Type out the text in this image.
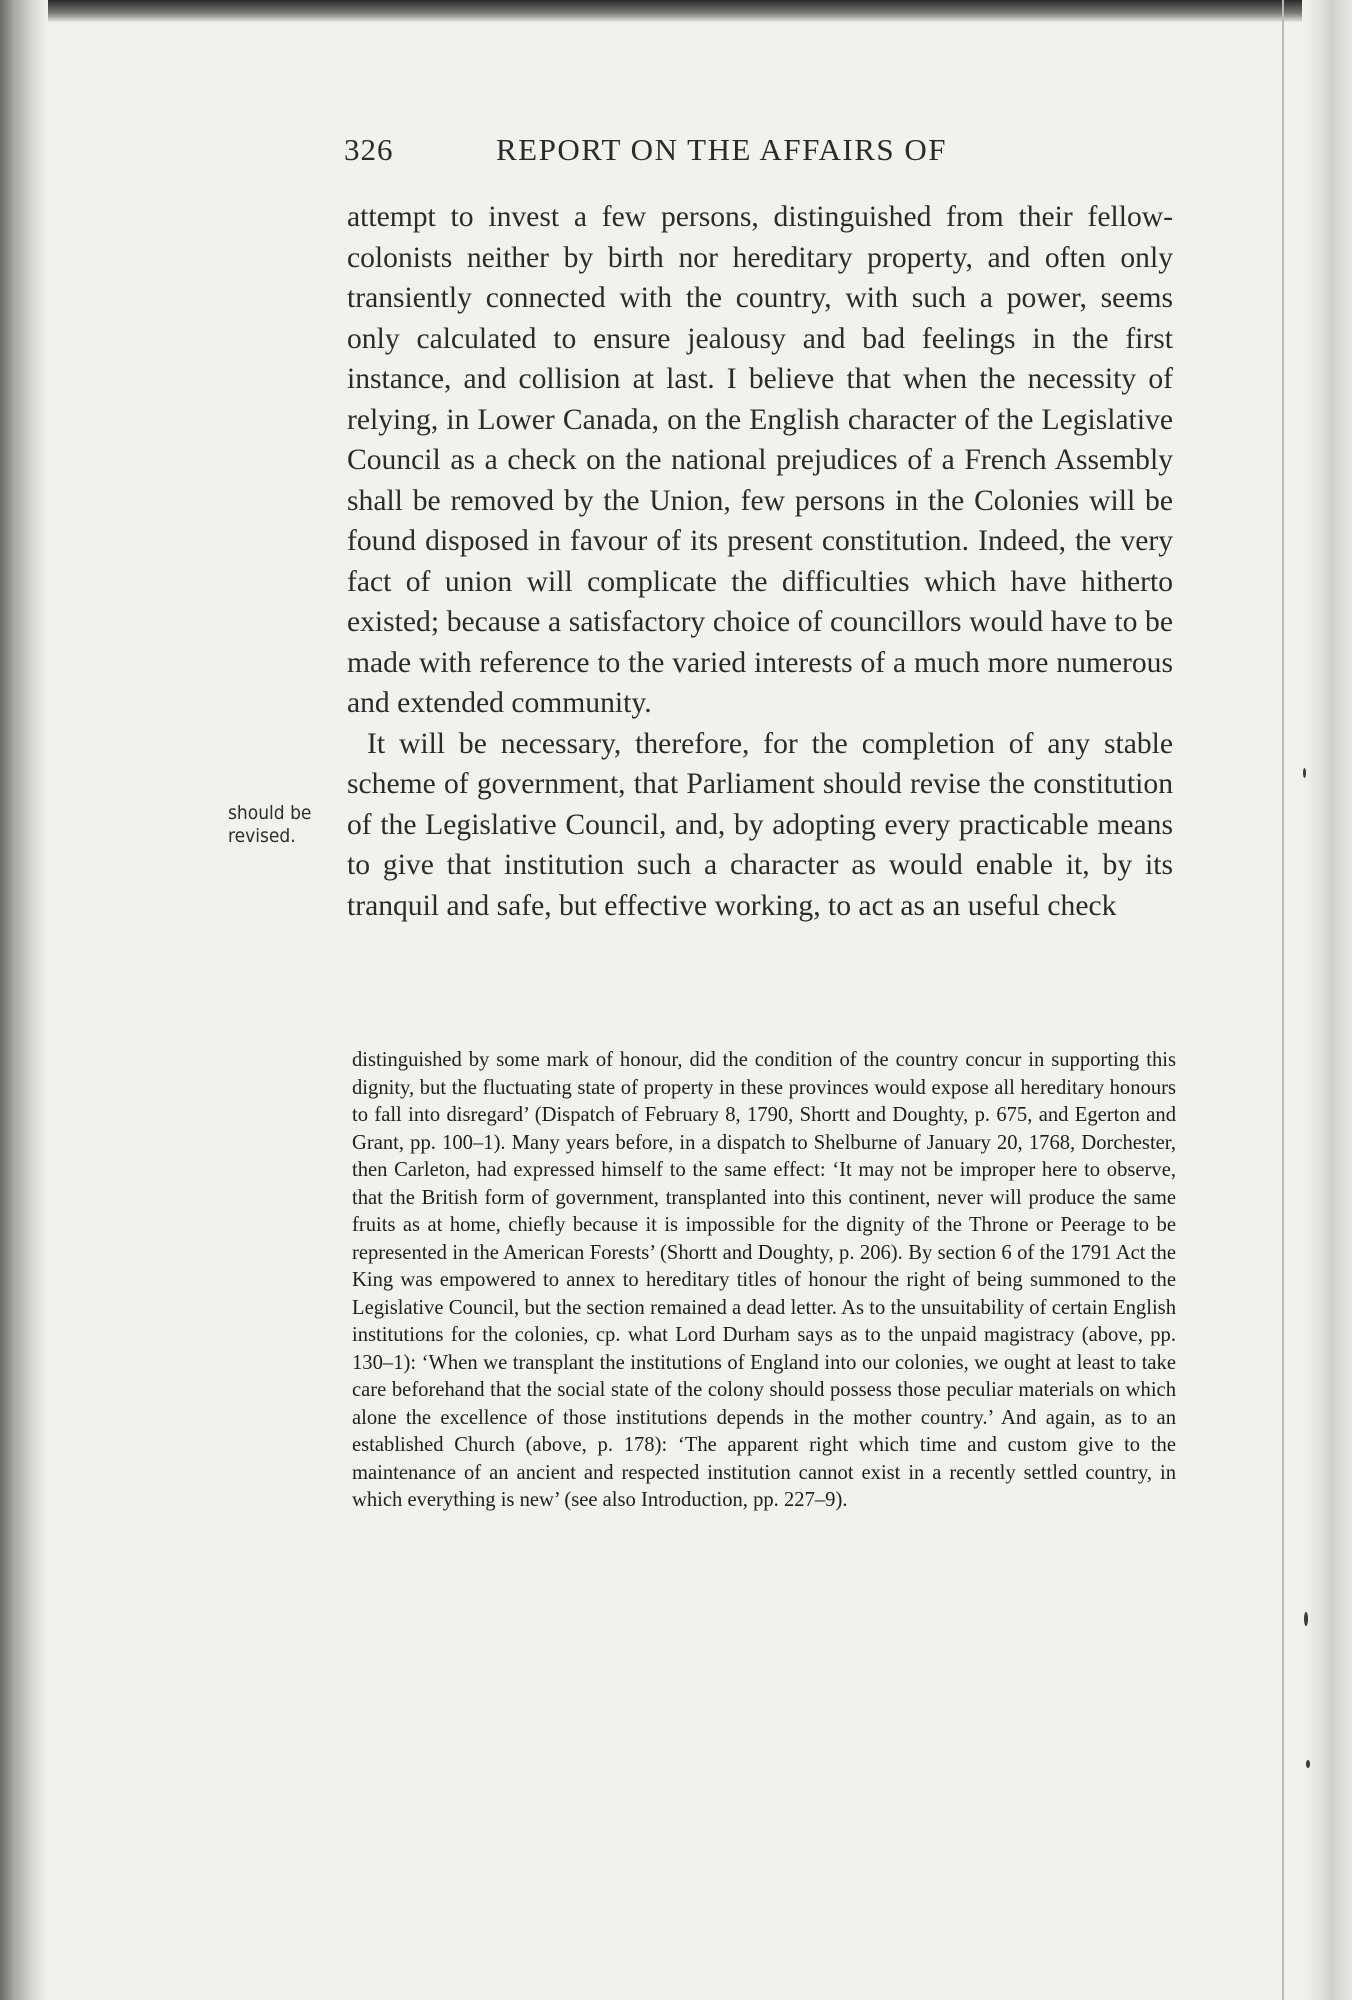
326	REPORT ON THE AFFAIRS OF

attempt to invest a few persons, distinguished from their fellow-colonists neither by birth nor hereditary property, and often only transiently connected with the country, with such a power, seems only calculated to ensure jealousy and bad feelings in the first instance, and collision at last. I believe that when the necessity of relying, in Lower Canada, on the English character of the Legislative Council as a check on the national prejudices of a French Assembly shall be removed by the Union, few persons in the Colonies will be found disposed in favour of its present constitution. Indeed, the very fact of union will complicate the difficulties which have hitherto existed; because a satisfactory choice of councillors would have to be made with reference to the varied interests of a much more numerous and extended community.

It will be necessary, therefore, for the completion of any stable scheme of government, that Parliament should revise the constitution of the Legislative Council, and, by adopting every practicable means to give that institution such a character as would enable it, by its tranquil and safe, but effective working, to act as an useful check

should be
revised.

distinguished by some mark of honour, did the condition of the country concur in supporting this dignity, but the fluctuating state of property in these provinces would expose all hereditary honours to fall into disregard’ (Dispatch of February 8, 1790, Shortt and Doughty, p. 675, and Egerton and Grant, pp. 100–1). Many years before, in a dispatch to Shelburne of January 20, 1768, Dorchester, then Carleton, had expressed himself to the same effect: ‘It may not be improper here to observe, that the British form of government, transplanted into this continent, never will produce the same fruits as at home, chiefly because it is impossible for the dignity of the Throne or Peerage to be represented in the American Forests’ (Shortt and Doughty, p. 206). By section 6 of the 1791 Act the King was empowered to annex to hereditary titles of honour the right of being summoned to the Legislative Council, but the section remained a dead letter. As to the unsuitability of certain English institutions for the colonies, cp. what Lord Durham says as to the unpaid magistracy (above, pp. 130–1): ‘When we transplant the institutions of England into our colonies, we ought at least to take care beforehand that the social state of the colony should possess those peculiar materials on which alone the excellence of those institutions depends in the mother country.’ And again, as to an established Church (above, p. 178): ‘The apparent right which time and custom give to the maintenance of an ancient and respected institution cannot exist in a recently settled country, in which everything is new’ (see also Introduction, pp. 227–9).
